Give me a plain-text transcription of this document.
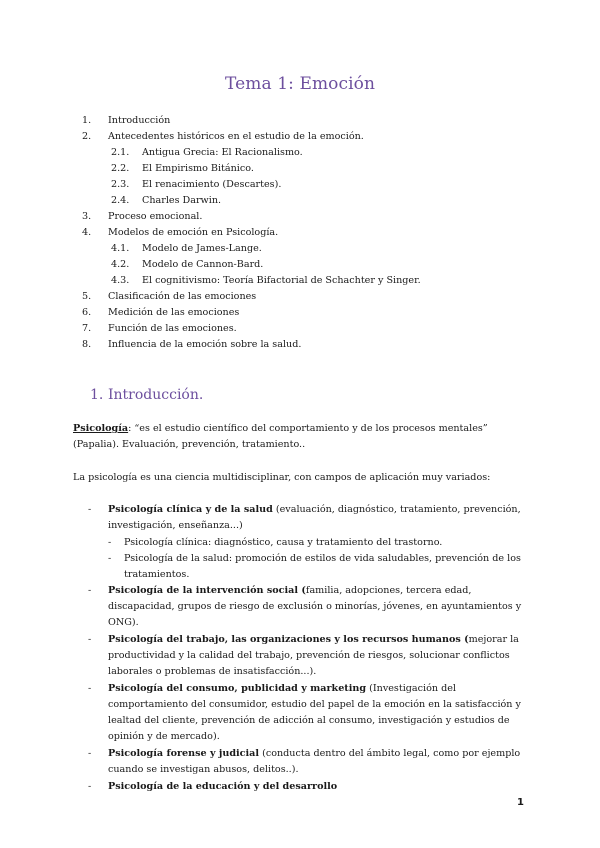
Tema 1: Emoción
1.	Introducción
2.	Antecedentes históricos en el estudio de la emoción.
2.1.	Antigua Grecia: El Racionalismo.
2.2.	El Empirismo Bitánico.
2.3.	El renacimiento (Descartes).
2.4.	Charles Darwin.
3.	Proceso emocional.
4.	Modelos de emoción en Psicología.
4.1.	Modelo de James-Lange.
4.2.	Modelo de Cannon-Bard.
4.3.	El cognitivismo: Teoría Bifactorial de Schachter y Singer.
5.	Clasificación de las emociones
6.	Medición de las emociones
7.	Función de las emociones.
8.	Influencia de la emoción sobre la salud.
1. Introducción.
Psicología: “es el estudio científico del comportamiento y de los procesos mentales” (Papalia). Evaluación, prevención, tratamiento..
La psicología es una ciencia multidisciplinar, con campos de aplicación muy variados:
- Psicología clínica y de la salud (evaluación, diagnóstico, tratamiento, prevención, investigación, enseñanza...)
- Psicología clínica: diagnóstico, causa y tratamiento del trastorno.
- Psicología de la salud: promoción de estilos de vida saludables, prevención de los tratamientos.
- Psicología de la intervención social (familia, adopciones, tercera edad, discapacidad, grupos de riesgo de exclusión o minorías, jóvenes, en ayuntamientos y ONG).
- Psicología del trabajo, las organizaciones y los recursos humanos (mejorar la productividad y la calidad del trabajo, prevención de riesgos, solucionar conflictos laborales o problemas de insatisfacción...).
- Psicología del consumo, publicidad y marketing (Investigación del comportamiento del consumidor, estudio del papel de la emoción en la satisfacción y lealtad del cliente, prevención de adicción al consumo, investigación y estudios de opinión y de mercado).
- Psicología forense y judicial (conducta dentro del ámbito legal, como por ejemplo cuando se investigan abusos, delitos..).
- Psicología de la educación y del desarrollo
1
